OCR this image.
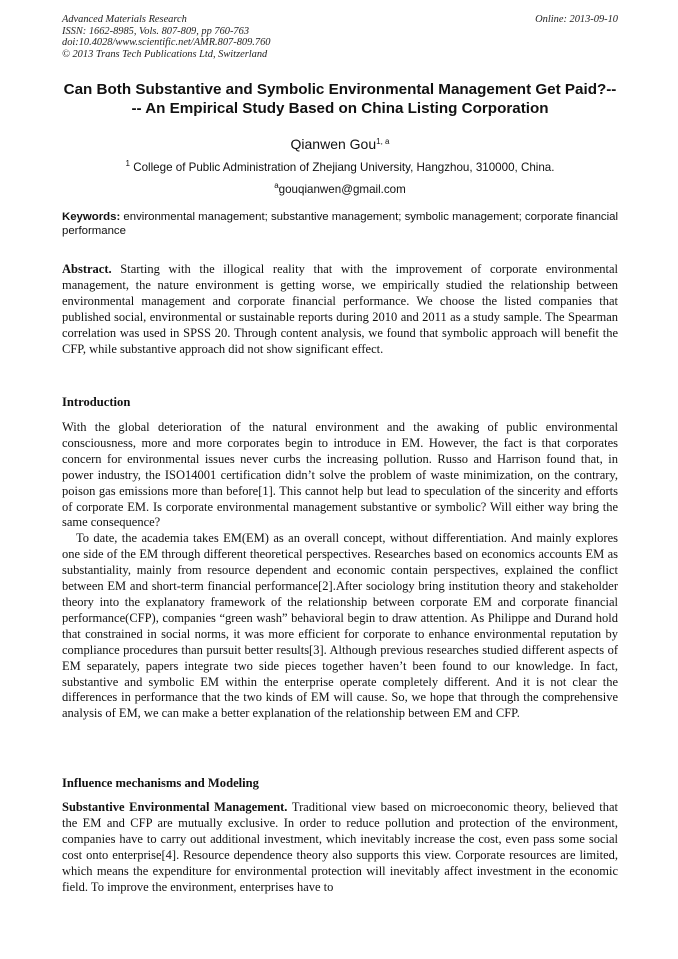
Advanced Materials Research
ISSN: 1662-8985, Vols. 807-809, pp 760-763
doi:10.4028/www.scientific.net/AMR.807-809.760
© 2013 Trans Tech Publications Ltd, Switzerland
Online: 2013-09-10
Can Both Substantive and Symbolic Environmental Management Get Paid?---- An Empirical Study Based on China Listing Corporation
Qianwen Gou$^{1, a}$
$^1$ College of Public Administration of Zhejiang University, Hangzhou, 310000, China.
$^a$gouqianwen@gmail.com
Keywords: environmental management; substantive management; symbolic management; corporate financial performance

Abstract. Starting with the illogical reality that with the improvement of corporate environmental management, the nature environment is getting worse, we empirically studied the relationship between environmental management and corporate financial performance. We choose the listed companies that published social, environmental or sustainable reports during 2010 and 2011 as a study sample. The Spearman correlation was used in SPSS 20. Through content analysis, we found that symbolic approach will benefit the CFP, while substantive approach did not show significant effect.

Introduction

With the global deterioration of the natural environment and the awaking of public environmental consciousness, more and more corporates begin to introduce in EM. However, the fact is that corporates concern for environmental issues never curbs the increasing pollution. Russo and Harrison found that, in power industry, the ISO14001 certification didn’t solve the problem of waste minimization, on the contrary, poison gas emissions more than before[1]. This cannot help but lead to speculation of the sincerity and efforts of corporate EM. Is corporate environmental management substantive or symbolic? Will either way bring the same consequence?

To date, the academia takes EM(EM) as an overall concept, without differentiation. And mainly explores one side of the EM through different theoretical perspectives. Researches based on economics accounts EM as substantiality, mainly from resource dependent and economic contain perspectives, explained the conflict between EM and short-term financial performance[2].After sociology bring institution theory and stakeholder theory into the explanatory framework of the relationship between corporate EM and corporate financial performance(CFP), companies “green wash” behavioral begin to draw attention. As Philippe and Durand hold that constrained in social norms, it was more efficient for corporate to enhance environmental reputation by compliance procedures than pursuit better results[3]. Although previous researches studied different aspects of EM separately, papers integrate two side pieces together haven’t been found to our knowledge. In fact, substantive and symbolic EM within the enterprise operate completely different. And it is not clear the differences in performance that the two kinds of EM will cause. So, we hope that through the comprehensive analysis of EM, we can make a better explanation of the relationship between EM and CFP.

Influence mechanisms and Modeling

Substantive Environmental Management. Traditional view based on microeconomic theory, believed that the EM and CFP are mutually exclusive. In order to reduce pollution and protection of the environment, companies have to carry out additional investment, which inevitably increase the cost, even pass some social cost onto enterprise[4]. Resource dependence theory also supports this view. Corporate resources are limited, which means the expenditure for environmental protection will inevitably affect investment in the economic field. To improve the environment, enterprises have to
